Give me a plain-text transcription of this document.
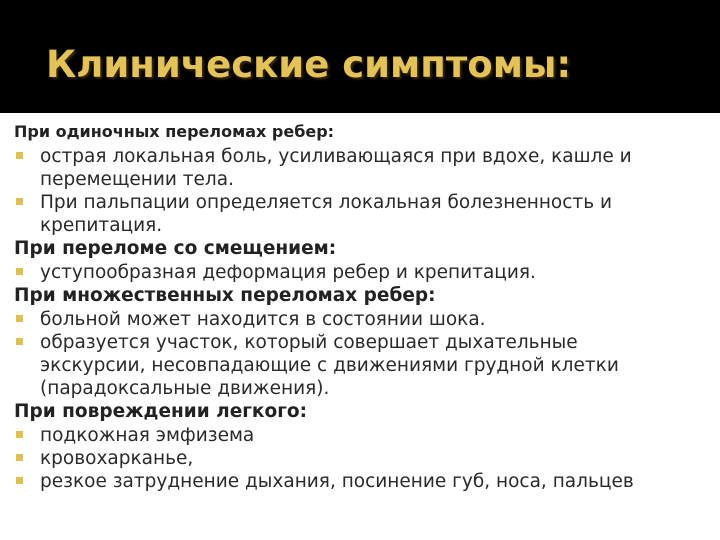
Клинические симптомы:
При одиночных переломах ребер:
острая локальная боль, усиливающаяся при вдохе, кашле и
перемещении тела.
При пальпации определяется локальная болезненность и
крепитация.
При переломе со смещением:
уступообразная деформация ребер и крепитация.
При множественных переломах ребер:
больной может находится в состоянии шока.
образуется участок, который совершает дыхательные
экскурсии, несовпадающие с движениями грудной клетки
(парадоксальные движения).
При повреждении легкого:
подкожная эмфизема
кровохарканье,
резкое затруднение дыхания, посинение губ, носа, пальцев
